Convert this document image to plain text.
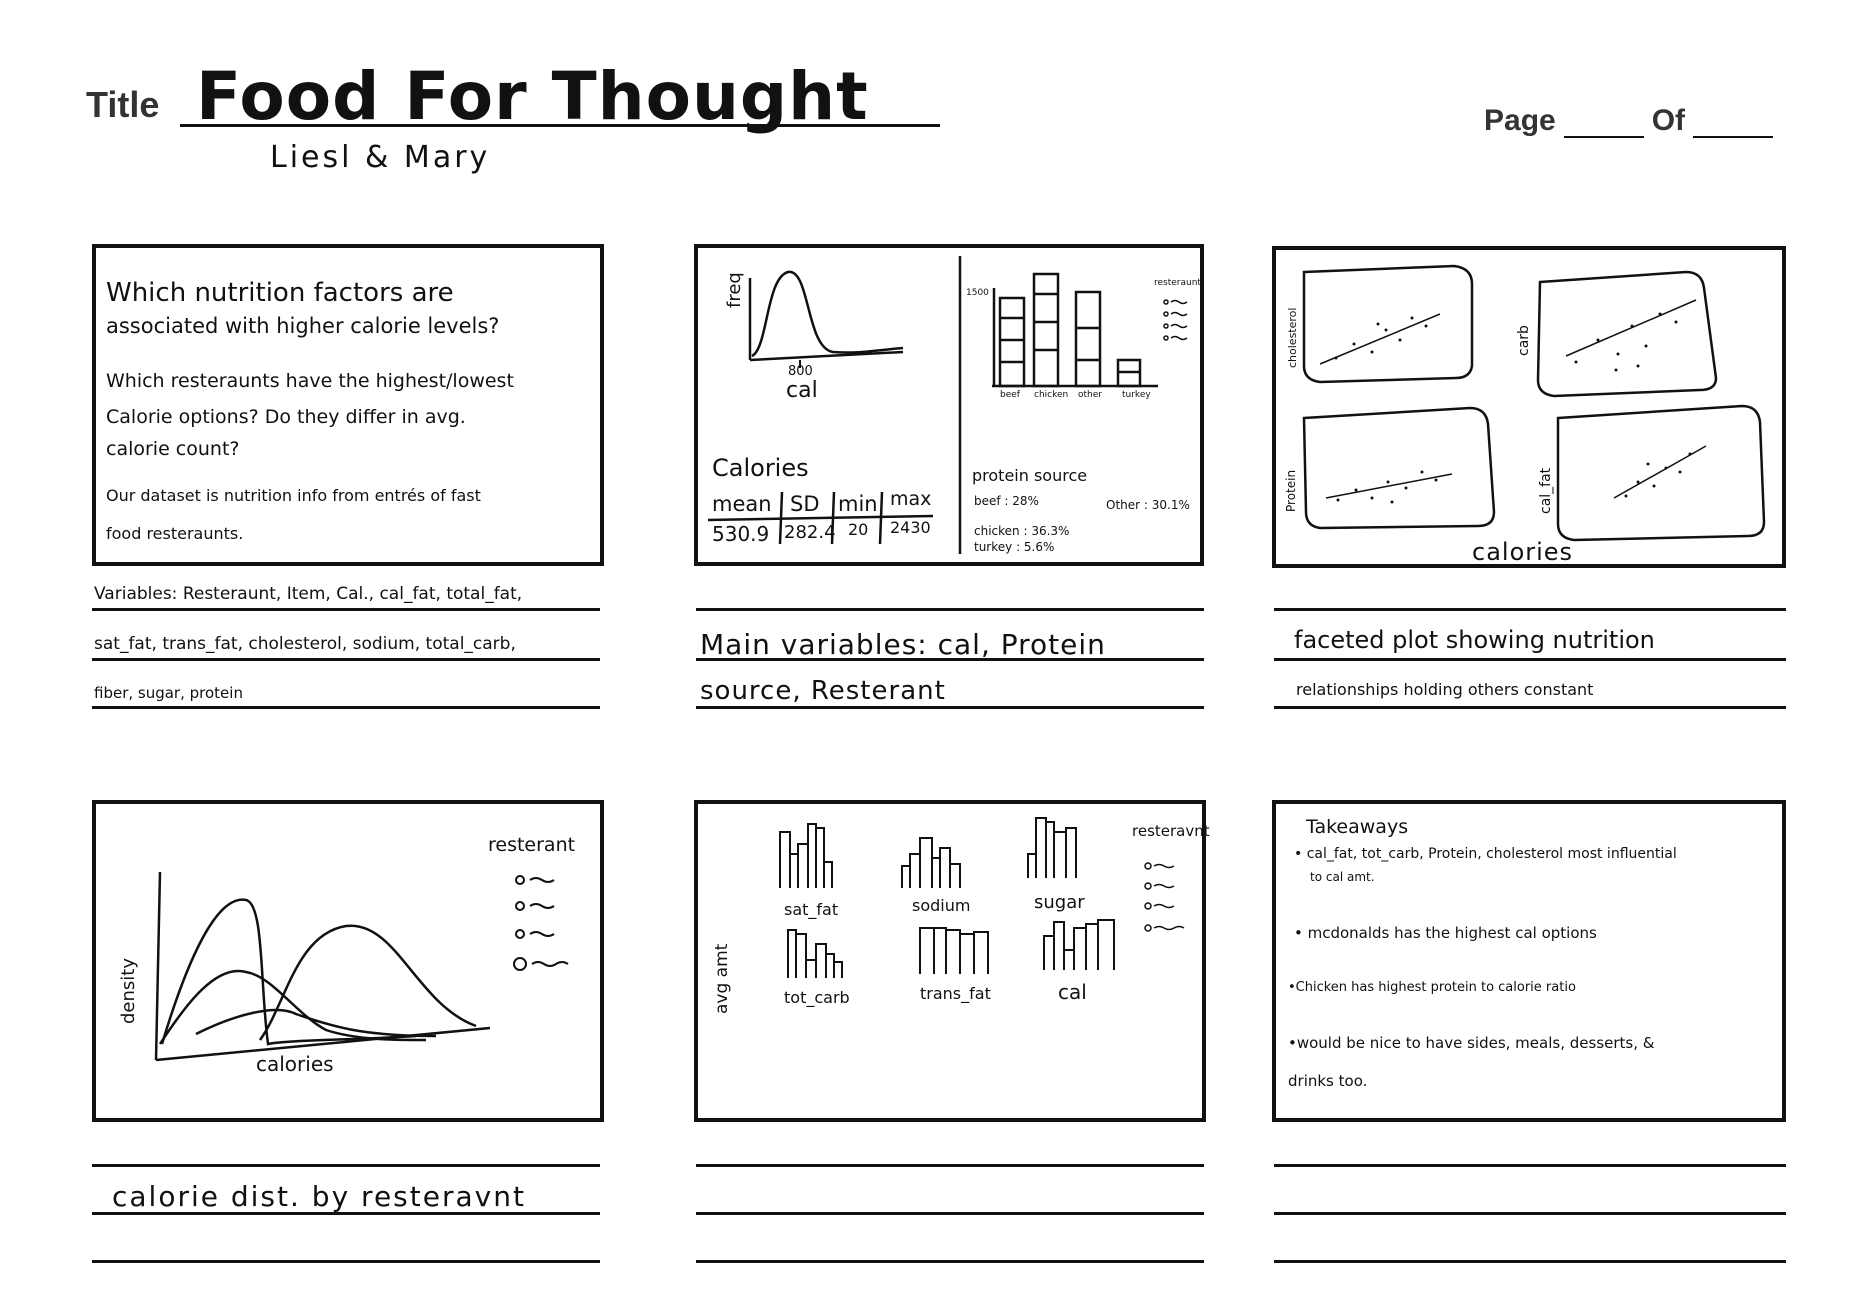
Title Food For Thought
Liesl & Mary
Page	Of
Which nutrition factors are
associated with higher calorie levels?
Which resteraunts have the highest/lowest
Calorie options? Do they differ in avg.
calorie count?
Our dataset is nutrition info from entrés of fast
food resteraunts.
Variables: Resteraunt, Item, Cal., cal_fat, total_fat,
sat_fat, trans_fat, cholesterol, sodium, total_carb,
fiber, sugar, protein
freq
800
cal
1500
beef chicken other turkey
resteraunt
Calories
mean SD min max
530.9 282.4 20 2430
protein source
beef : 28%	Other : 30.1%
chicken : 36.3%
turkey : 5.6%
Main variables: cal, Protein
source, Resterant
cholesterol	carb
Protein	cal_fat
calories
faceted plot showing nutrition
relationships holding others constant
resterant
density
calories
calorie dist. by resteravnt
resteravnt
avg amt
sat_fat	sodium	sugar
tot_carb	trans_fat	cal
Takeaways
• cal_fat, tot_carb, Protein, cholesterol most influential
to cal amt.
• mcdonalds has the highest cal options
•Chicken has highest protein to calorie ratio
•would be nice to have sides, meals, desserts, &
drinks too.
